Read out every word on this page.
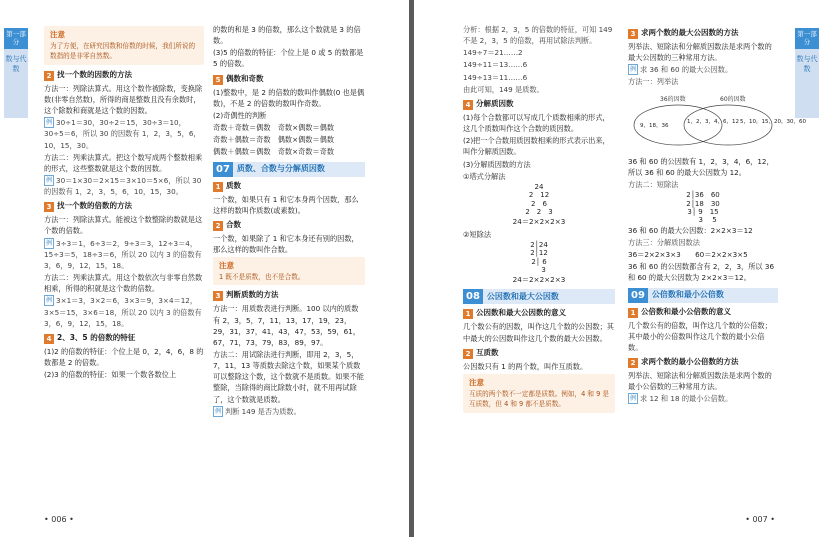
第一部分
数与代数
注意
为了方便，在研究因数和倍数的时候，我们所说的数指的是非零自然数。
2 找一个数的因数的方法

方法一：列除法算式。用这个数作被除数，变换除数(非零自然数)，所得的商是整数且没有余数时，这个除数和商就是这个数的因数。

例 30÷1＝30，30÷2＝15，30÷3＝10，30÷5＝6，所以 30 的因数有 1，2，3，5，6，10，15，30。

方法二：列乘法算式。把这个数写成两个整数相乘的形式，这些整数就是这个数的因数。

例 30＝1×30＝2×15＝3×10＝5×6，所以 30 的因数有 1，2，3，5，6，10，15，30。

3 找一个数的倍数的方法

方法一：列除法算式。能被这个数整除的数就是这个数的倍数。

例 3÷3＝1，6÷3＝2，9÷3＝3，12÷3＝4，15÷3＝5，18÷3＝6，所以 20 以内 3 的倍数有 3，6，9，12，15，18。

方法二：列乘法算式。用这个数依次与非零自然数相乘，所得的积就是这个数的倍数。

例 3×1＝3，3×2＝6，3×3＝9，3×4＝12，3×5＝15，3×6＝18，所以 20 以内 3 的倍数有 3，6，9，12，15，18。

4 2、3、5 的倍数的特征

(1)2 的倍数的特征：个位上是 0，2，4，6，8 的数都是 2 的倍数。

(2)3 的倍数的特征：如果一个数各数位上

的数的和是 3 的倍数，那么这个数就是 3 的倍数。

(3)5 的倍数的特征：个位上是 0 或 5 的数都是 5 的倍数。

5 偶数和奇数

(1)整数中，是 2 的倍数的数叫作偶数(0 也是偶数)，不是 2 的倍数的数叫作奇数。

(2)奇偶性的判断

奇数＋奇数＝偶数　奇数×偶数＝偶数

奇数＋偶数＝奇数　偶数×偶数＝偶数

偶数＋偶数＝偶数　奇数×奇数＝奇数

07 质数、合数与分解质因数
1 质数

一个数，如果只有 1 和它本身两个因数，那么这样的数叫作质数(或素数)。

2 合数

一个数，如果除了 1 和它本身还有别的因数，那么这样的数叫作合数。

注意
1 既不是质数，也不是合数。
3 判断质数的方法

方法一：用质数表进行判断。100 以内的质数有 2，3，5，7，11，13，17，19，23，29，31，37，41，43，47，53，59，61，67，71，73，79，83，89，97。

方法二：用试除法进行判断，即用 2，3，5，7，11，13 等质数去除这个数，如果某个质数可以整除这个数，这个数就不是质数。如果不能整除，当除得的商比除数小时，就不用再试除了，这个数就是质数。

例 判断 149 是否为质数。

• 006 •
第一部分
数与代数

分析：根据 2，3，5 的倍数的特征，可知 149 不是 2，3，5 的倍数，再用试除法判断。

149÷7＝21……2

149÷11＝13……6

149÷13＝11……6

由此可知，149 是质数。

4 分解质因数

(1)每个合数都可以写成几个质数相乘的形式，这几个质数叫作这个合数的质因数。

(2)把一个合数用质因数相乘的形式表示出来，叫作分解质因数。

(3)分解质因数的方法

①塔式分解法

24
2　12
2　6
2　2　3

24＝2×2×2×3

②短除法

2│24
2│12
2│ 6
　 3

24＝2×2×2×3

08 公因数和最大公因数
1 公因数和最大公因数的意义

几个数公有的因数，叫作这几个数的公因数；其中最大的公因数叫作这几个数的最大公因数。

2 互质数

公因数只有 1 的两个数，叫作互质数。

注意
互质的两个数不一定都是质数。例如，4 和 9 是互质数，但 4 和 9 都不是质数。
3 求两个数的最大公因数的方法

列举法、短除法和分解质因数法是求两个数的最大公因数的三种常用方法。

例 求 36 和 60 的最大公因数。

方法一：列举法

36的因数	60的因数
9，18，36
1，2，3，4，6，12 5，10，15，20，30，60

36 和 60 的公因数有 1，2，3，4，6，12，所以 36 和 60 的最大公因数为 12。

方法二：短除法

2│36　60
2│18　30
3│ 9　15
　 3　 5

36 和 60 的最大公因数：2×2×3＝12

方法三：分解质因数法

36＝2×2×3×3　　60＝2×2×3×5

36 和 60 的公因数都含有 2，2，3，所以 36 和 60 的最大公因数为 2×2×3＝12。

09 公倍数和最小公倍数
1 公倍数和最小公倍数的意义

几个数公有的倍数，叫作这几个数的公倍数；其中最小的公倍数叫作这几个数的最小公倍数。

2 求两个数的最小公倍数的方法

列举法、短除法和分解质因数法是求两个数的最小公倍数的三种常用方法。

例 求 12 和 18 的最小公倍数。

• 007 •
